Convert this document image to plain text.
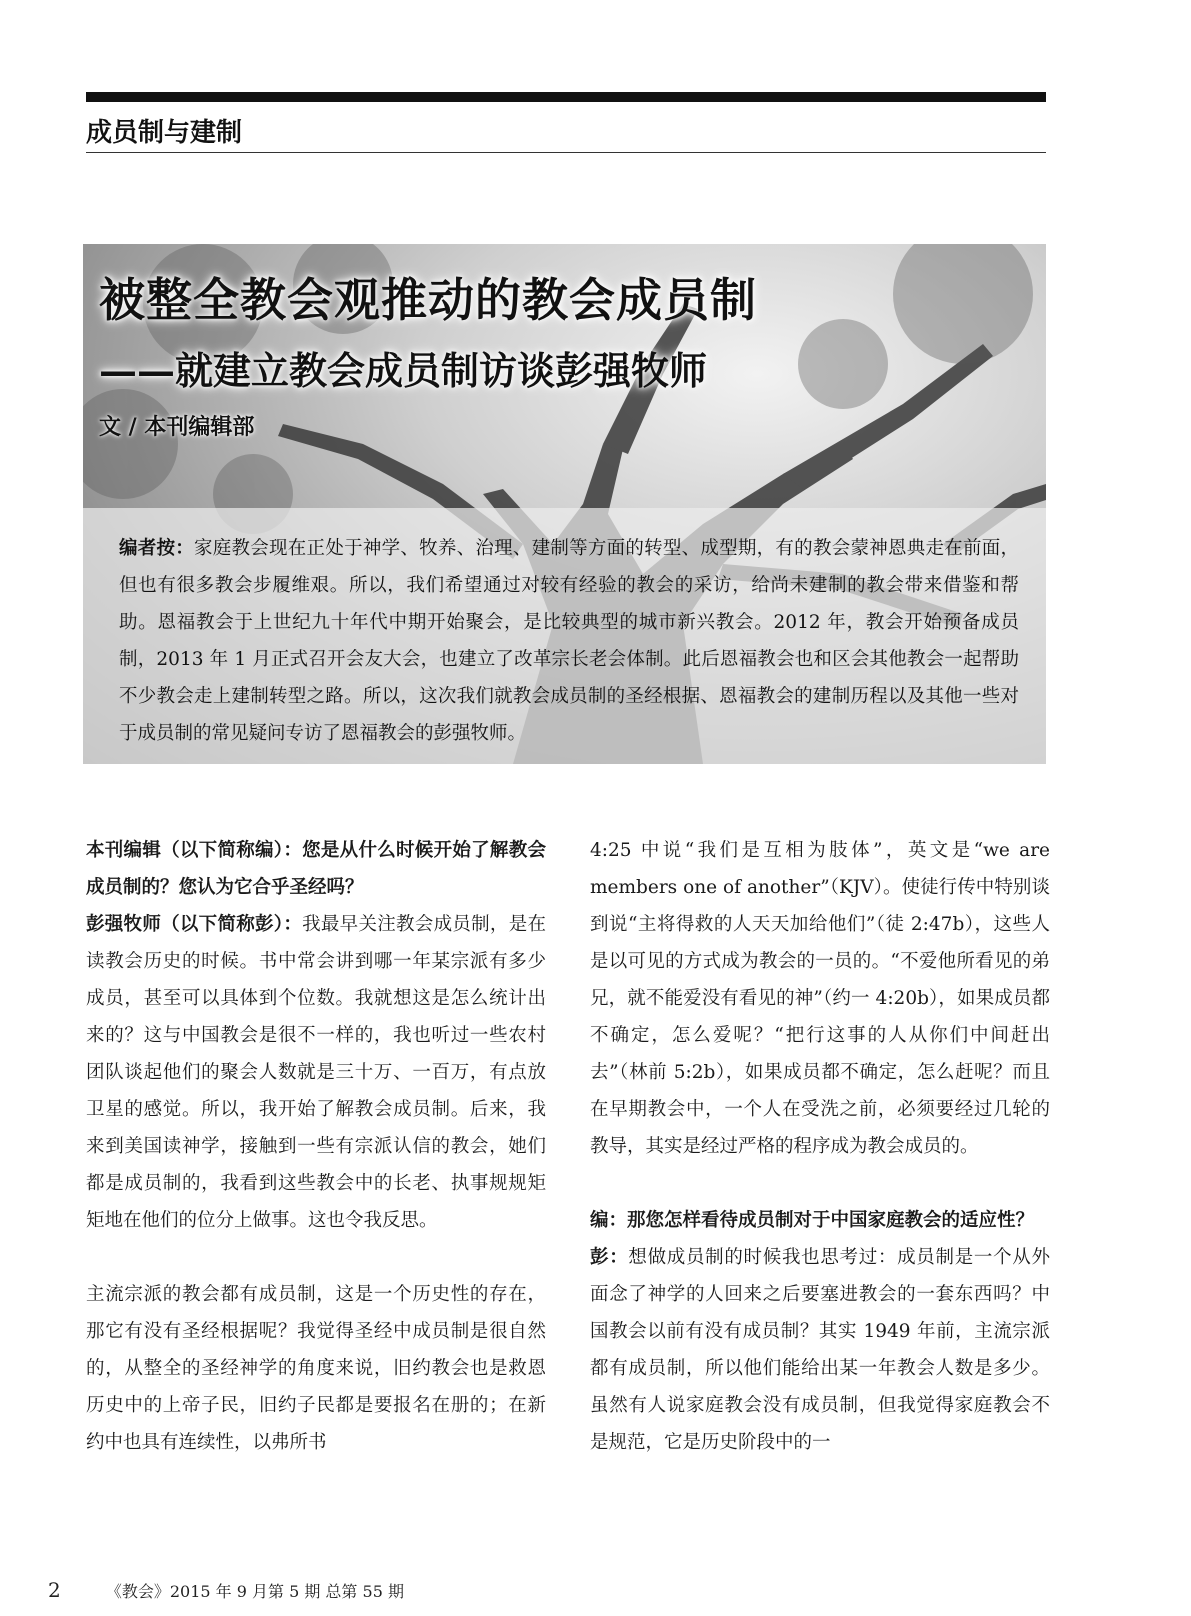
成员制与建制
被整全教会观推动的教会成员制
——就建立教会成员制访谈彭强牧师
文 / 本刊编辑部
编者按：家庭教会现在正处于神学、牧养、治理、建制等方面的转型、成型期，有的教会蒙神恩典走在前面，但也有很多教会步履维艰。所以，我们希望通过对较有经验的教会的采访，给尚未建制的教会带来借鉴和帮助。恩福教会于上世纪九十年代中期开始聚会，是比较典型的城市新兴教会。2012 年，教会开始预备成员制，2013 年 1 月正式召开会友大会，也建立了改革宗长老会体制。此后恩福教会也和区会其他教会一起帮助不少教会走上建制转型之路。所以，这次我们就教会成员制的圣经根据、恩福教会的建制历程以及其他一些对于成员制的常见疑问专访了恩福教会的彭强牧师。

本刊编辑（以下简称编）：您是从什么时候开始了解教会成员制的？您认为它合乎圣经吗？

彭强牧师（以下简称彭）：我最早关注教会成员制，是在读教会历史的时候。书中常会讲到哪一年某宗派有多少成员，甚至可以具体到个位数。我就想这是怎么统计出来的？这与中国教会是很不一样的，我也听过一些农村团队谈起他们的聚会人数就是三十万、一百万，有点放卫星的感觉。所以，我开始了解教会成员制。后来，我来到美国读神学，接触到一些有宗派认信的教会，她们都是成员制的，我看到这些教会中的长老、执事规规矩矩地在他们的位分上做事。这也令我反思。

主流宗派的教会都有成员制，这是一个历史性的存在，那它有没有圣经根据呢？我觉得圣经中成员制是很自然的，从整全的圣经神学的角度来说，旧约教会也是救恩历史中的上帝子民，旧约子民都是要报名在册的；在新约中也具有连续性，以弗所书

4:25 中说“我们是互相为肢体”，英文是“we are members one of another”（KJV）。使徒行传中特别谈到说“主将得救的人天天加给他们”（徒 2:47b），这些人是以可见的方式成为教会的一员的。“不爱他所看见的弟兄，就不能爱没有看见的神”（约一 4:20b），如果成员都不确定，怎么爱呢？“把行这事的人从你们中间赶出去”（林前 5:2b），如果成员都不确定，怎么赶呢？而且在早期教会中，一个人在受洗之前，必须要经过几轮的教导，其实是经过严格的程序成为教会成员的。

编：那您怎样看待成员制对于中国家庭教会的适应性？

彭：想做成员制的时候我也思考过：成员制是一个从外面念了神学的人回来之后要塞进教会的一套东西吗？中国教会以前有没有成员制？其实 1949 年前，主流宗派都有成员制，所以他们能给出某一年教会人数是多少。虽然有人说家庭教会没有成员制，但我觉得家庭教会不是规范，它是历史阶段中的一

2	《教会》2015 年 9 月第 5 期 总第 55 期
